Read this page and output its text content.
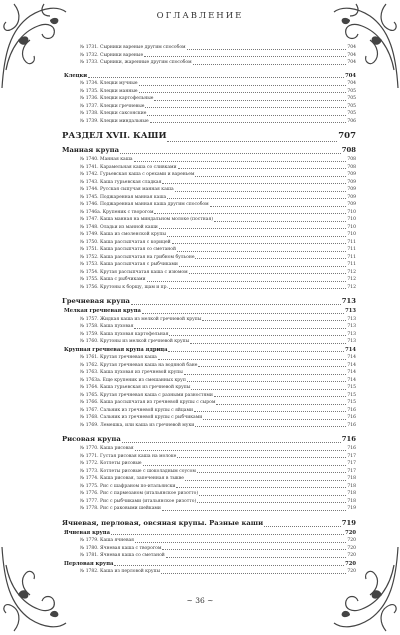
ОГЛАВЛЕНИЕ
№ 1731. Сырники вареные другим способом	704
№ 1732. Сырники вареные	704
№ 1733. Сырники, жаренные другим способом	704
Клецки	704
№ 1734. Клецки мучные	704
№ 1735. Клецки манные	705
№ 1736. Клецки картофельные	705
№ 1737. Клецки гречневые	705
№ 1738. Клецки саксонские	705
№ 1739. Клецки миндальные	706
РАЗДЕЛ XVII. КАШИ	707
Манная крупа	708
№ 1740. Манная каша	708
№ 1741. Карамельная каша со сливками	708
№ 1742. Гурьевская каша с орехами и вареньем	709
№ 1743. Каша гурьевская сладкая	709
№ 1744. Русская сыпучая манная каша	709
№ 1745. Поджаренная манная каша	709
№ 1746. Поджаренная манная каша другим способом	709
№ 1746а. Крупеник с творогом	710
№ 1747. Каша манная на миндальном молоке (постная)	710
№ 1748. Оладьи из манной каши	710
№ 1749. Каша из смоленской крупы	710
№ 1750. Каша рассыпчатая с корицей	711
№ 1751. Каша рассыпчатая со сметаной	711
№ 1752. Каша рассыпчатая на грибном бульоне	711
№ 1753. Каша рассыпчатая с рыбчиками	711
№ 1754. Крутая рассыпчатая каша с изюмом	712
№ 1755. Каша с рыбчиками	712
№ 1756. Крутоны к борщу, щам и пр.	712
Гречневая крупа	713
Мелкая гречневая крупа	713
№ 1757. Жидкая каша из мелкой гречневой крупы	713
№ 1758. Каша пуховая	713
№ 1759. Каша пуховая картофельная	713
№ 1760. Крутоны из мелкой гречневой крупы	713
Крупная гречневая крупа ядрица	714
№ 1761. Крутая гречневая каша	714
№ 1762. Крутая гречневая каша на водяной бане	714
№ 1763. Каша пуховая из гречневой крупы	714
№ 1763а. Еще крупеник из смешанных круп	714
№ 1764. Каша гурьевская из гречневой крупы	715
№ 1765. Крутая гречневая каша с разными разностями	715
№ 1766. Каша рассыпчатая из гречневой крупы с сыром	715
№ 1767. Сальник из гречневой крупы с яйцами	716
№ 1768. Сальник из гречневой крупы с рыбчиками	716
№ 1769. Лемешка, или каша из гречневой муки	716
Рисовая крупа	716
№ 1770. Каша рисовая	716
№ 1771. Густая рисовая каша на молоке	717
№ 1772. Котлеты рисовые	717
№ 1773. Котлеты рисовые с шоколадным соусом	717
№ 1774. Каша рисовая, запеченная в тыкве	718
№ 1775. Рис с шафраном по-итальянски	718
№ 1776. Рис с пармезаном (итальянское ризотто)	718
№ 1777. Рис с рыбчиками (итальянское ризотто)	718
№ 1778. Рис с раковыми шейками	719
Ячневая, перловая, овсяная крупы. Разные каши	719
Ячневая крупа	720
№ 1779. Каша ячневая	720
№ 1780. Ячневая каша с творогом	720
№ 1781. Ячневая каша со сметаной	720
Перловая крупа	720
№ 1782. Каша из перловой крупы	720
~ 36 ~
